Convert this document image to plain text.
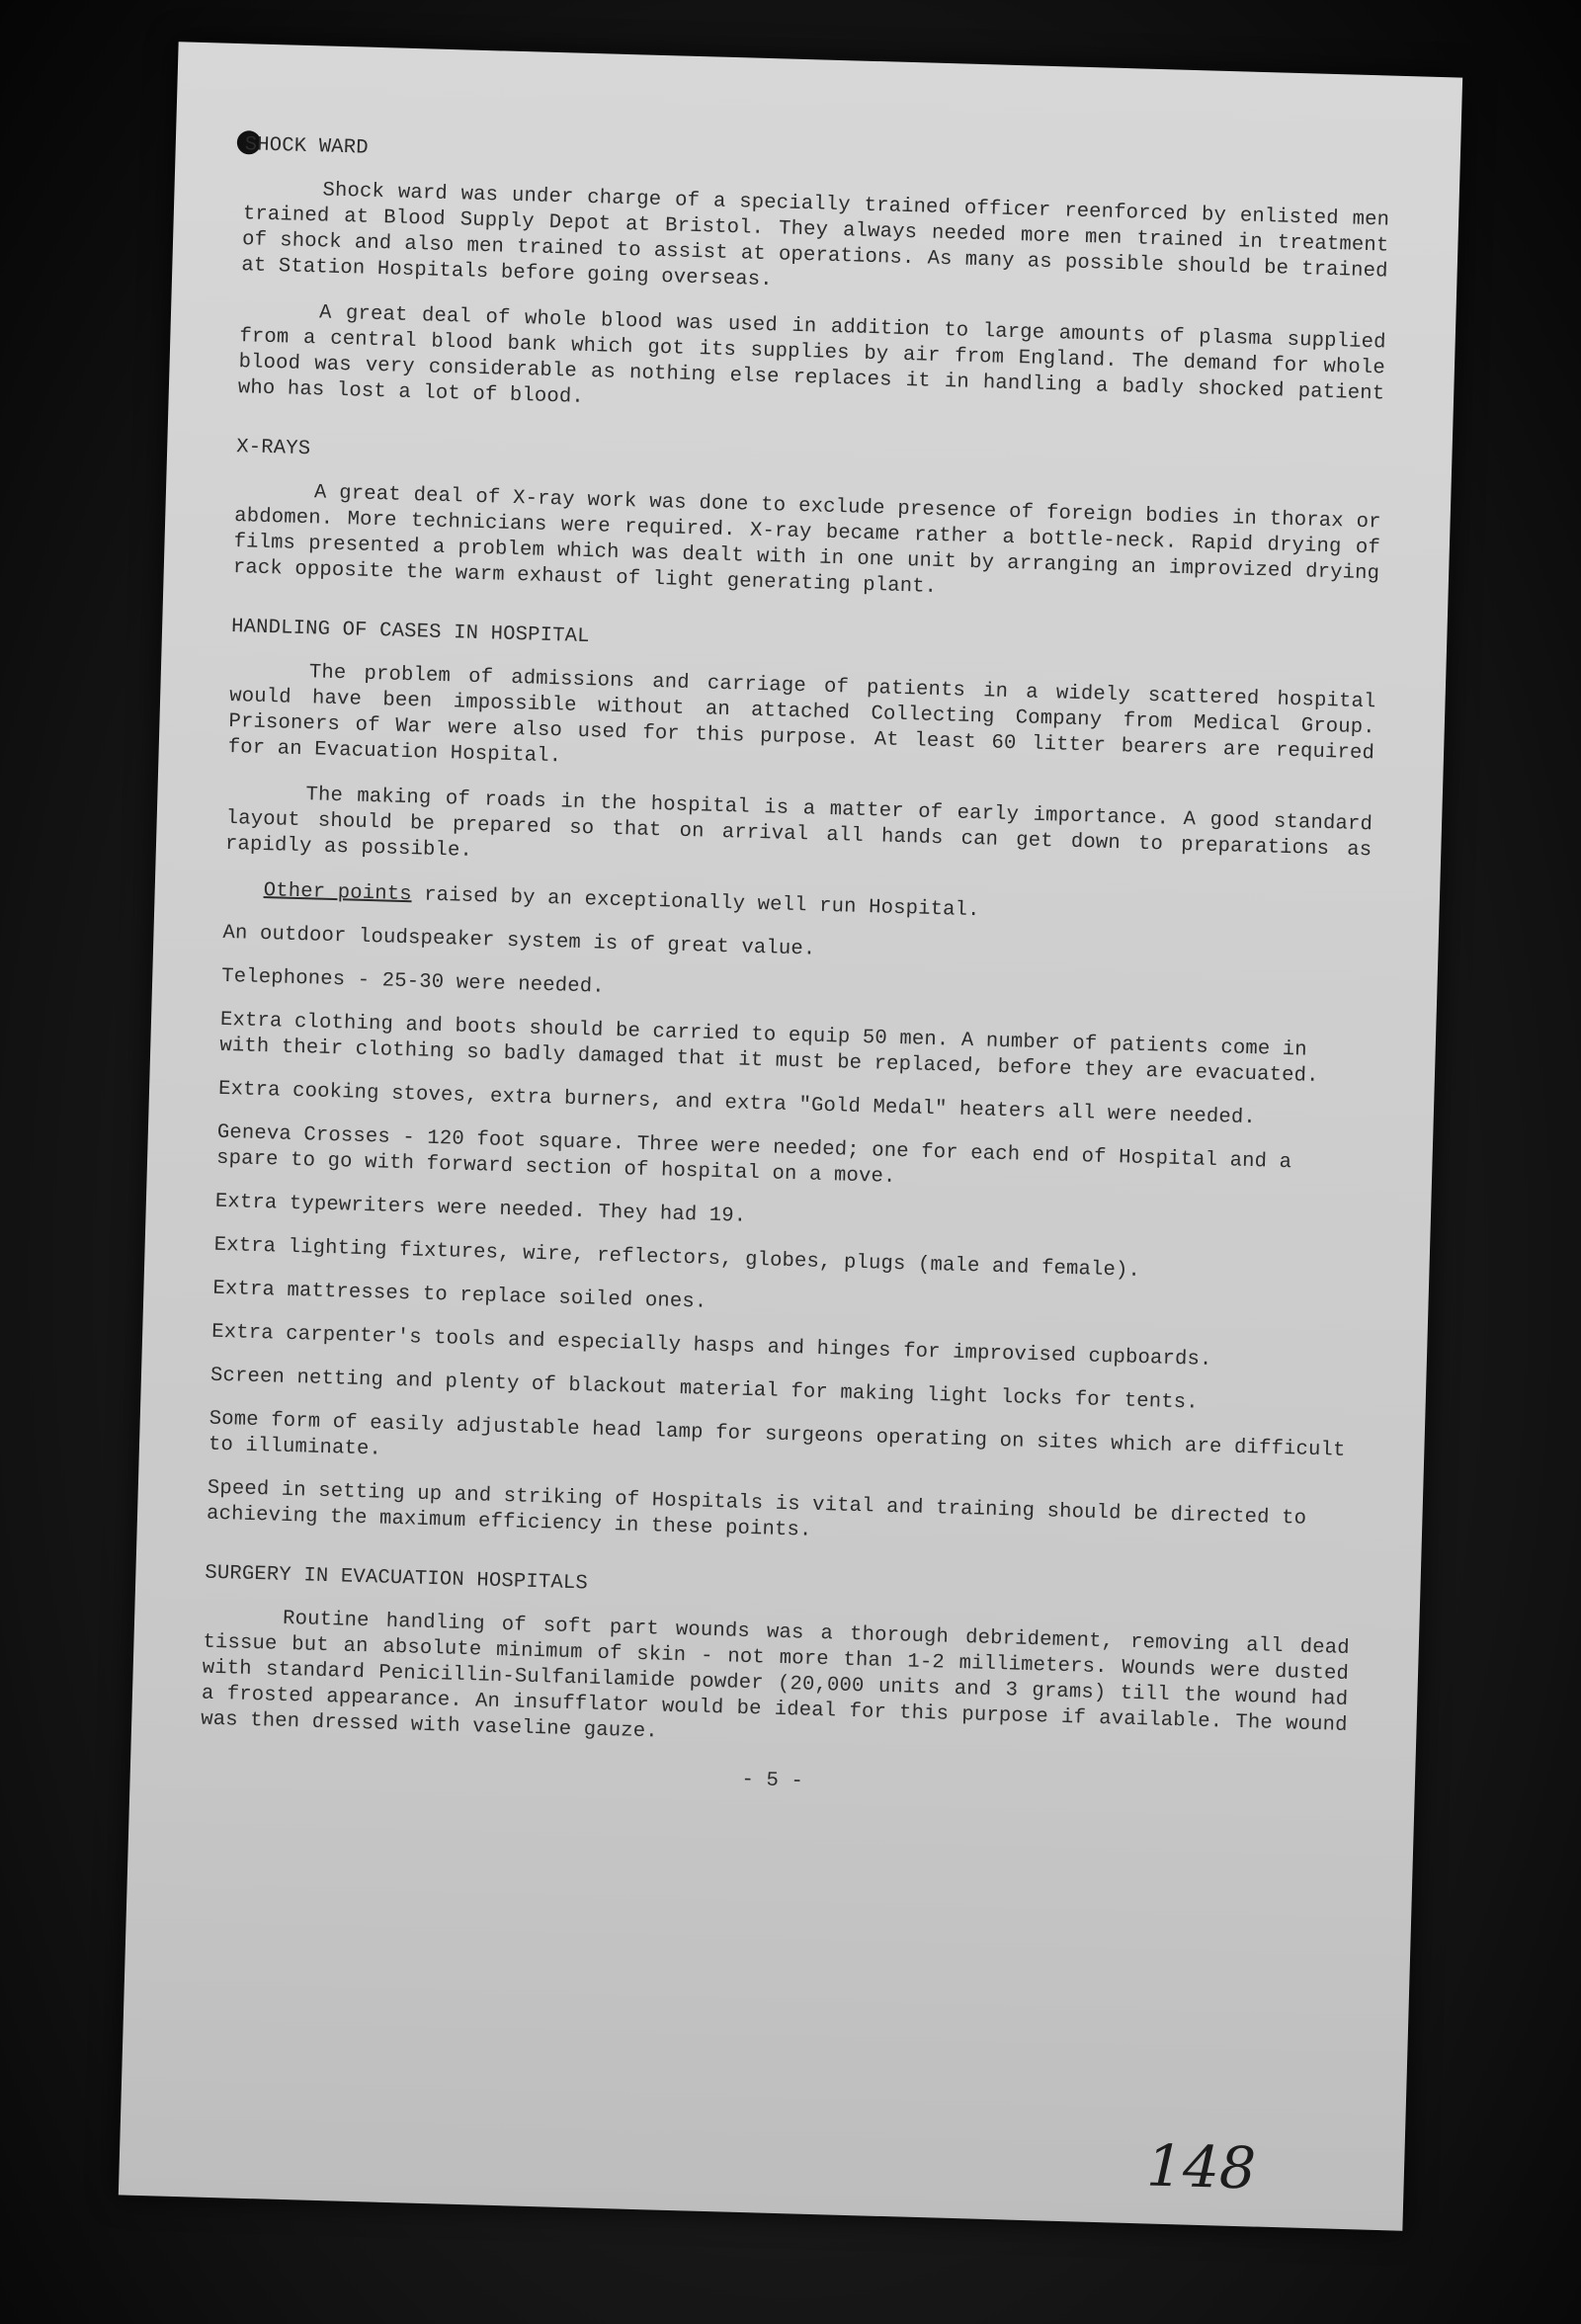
SHOCK WARD
Shock ward was under charge of a specially trained officer reenforced by enlisted men trained at Blood Supply Depot at Bristol. They always needed more men trained in treatment of shock and also men trained to assist at operations. As many as possible should be trained at Station Hospitals before going overseas.
A great deal of whole blood was used in addition to large amounts of plasma supplied from a central blood bank which got its supplies by air from England. The demand for whole blood was very considerable as nothing else replaces it in handling a badly shocked patient who has lost a lot of blood.
X-RAYS
A great deal of X-ray work was done to exclude presence of foreign bodies in thorax or abdomen. More technicians were required. X-ray became rather a bottle-neck. Rapid drying of films presented a problem which was dealt with in one unit by arranging an improvized drying rack opposite the warm exhaust of light generating plant.
HANDLING OF CASES IN HOSPITAL
The problem of admissions and carriage of patients in a widely scattered hospital would have been impossible without an attached Collecting Company from Medical Group. Prisoners of War were also used for this purpose. At least 60 litter bearers are required for an Evacuation Hospital.
The making of roads in the hospital is a matter of early importance. A good standard layout should be prepared so that on arrival all hands can get down to preparations as rapidly as possible.
Other points raised by an exceptionally well run Hospital.
An outdoor loudspeaker system is of great value.
Telephones - 25-30 were needed.
Extra clothing and boots should be carried to equip 50 men. A number of patients come in with their clothing so badly damaged that it must be replaced, before they are evacuated.
Extra cooking stoves, extra burners, and extra "Gold Medal" heaters all were needed.
Geneva Crosses - 120 foot square. Three were needed; one for each end of Hospital and a spare to go with forward section of hospital on a move.
Extra typewriters were needed. They had 19.
Extra lighting fixtures, wire, reflectors, globes, plugs (male and female).
Extra mattresses to replace soiled ones.
Extra carpenter's tools and especially hasps and hinges for improvised cupboards.
Screen netting and plenty of blackout material for making light locks for tents.
Some form of easily adjustable head lamp for surgeons operating on sites which are difficult to illuminate.
Speed in setting up and striking of Hospitals is vital and training should be directed to achieving the maximum efficiency in these points.
SURGERY IN EVACUATION HOSPITALS
Routine handling of soft part wounds was a thorough debridement, removing all dead tissue but an absolute minimum of skin - not more than 1-2 millimeters. Wounds were dusted with standard Penicillin-Sulfanilamide powder (20,000 units and 3 grams) till the wound had a frosted appearance. An insufflator would be ideal for this purpose if available. The wound was then dressed with vaseline gauze.
- 5 -
148
